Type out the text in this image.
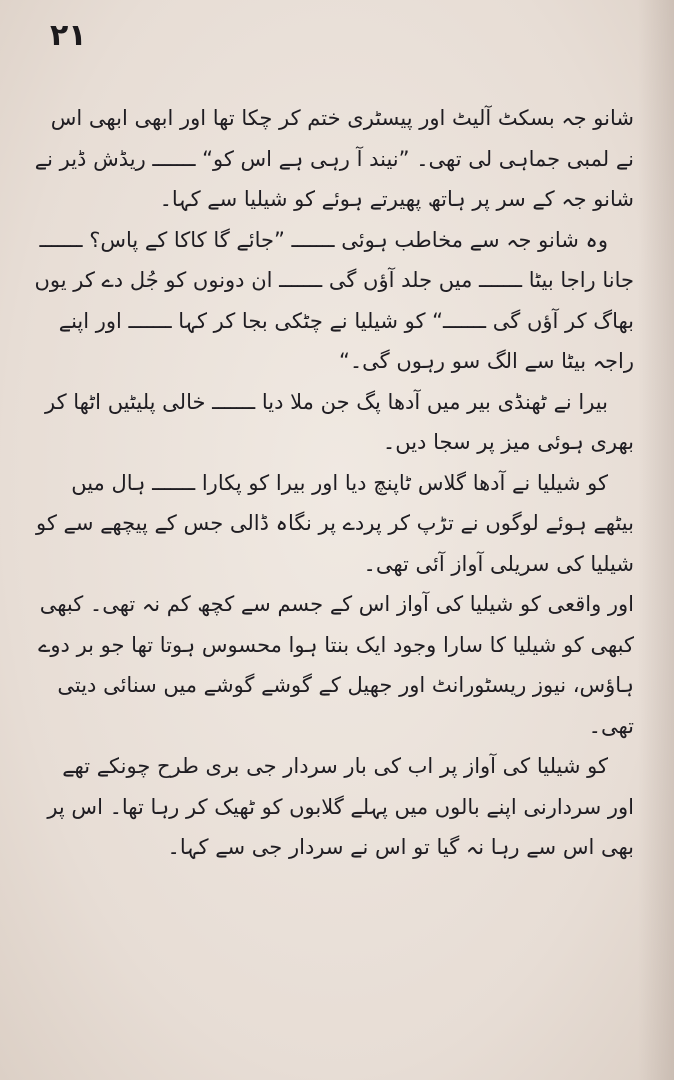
۲۱

شانو جہ بسکٹ آلیٹ اور پیسٹری ختم کر چکا تھا اور ابھی ابھی اس نے لمبی جماہی لی تھی۔ ”نیند آ رہی ہے اس کو“ ـــــــ ریڈش ڈیر نے شانو جہ کے سر پر ہاتھ پھیرتے ہوئے کو شیلیا سے کہا۔

وہ شانو جہ سے مخاطب ہوئی ـــــــ ”جائے گا کاکا کے پاس؟ ـــــــ جانا راجا بیٹا ـــــــ میں جلد آؤں گی ـــــــ ان دونوں کو جُل دے کر یوں بھاگ کر آؤں گی ـــــــ“ کو شیلیا نے چٹکی بجا کر کہا ـــــــ اور اپنے راجہ بیٹا سے الگ سو رہوں گی۔“

بیرا نے ٹھنڈی بیر میں آدھا پگ جن ملا دیا ـــــــ خالی پلیٹیں اٹھا کر بھری ہوئی میز پر سجا دیں۔

کو شیلیا نے آدھا گلاس ٹاپنچ دیا اور بیرا کو پکارا ـــــــ ہال میں بیٹھے ہوئے لوگوں نے تڑپ کر پردے پر نگاہ ڈالی جس کے پیچھے سے کو شیلیا کی سریلی آواز آئی تھی۔

اور واقعی کو شیلیا کی آواز اس کے جسم سے کچھ کم نہ تھی۔ کبھی کبھی کو شیلیا کا سارا وجود ایک بنتا ہوا محسوس ہوتا تھا جو بر دوے ہاؤس، نیوز ریسٹورانٹ اور جھیل کے گوشے گوشے میں سنائی دیتی تھی۔

کو شیلیا کی آواز پر اب کی بار سردار جی بری طرح چونکے تھے اور سردارنی اپنے بالوں میں پہلے گلابوں کو ٹھیک کر رہا تھا۔ اس پر بھی اس سے رہا نہ گیا تو اس نے سردار جی سے کہا۔
